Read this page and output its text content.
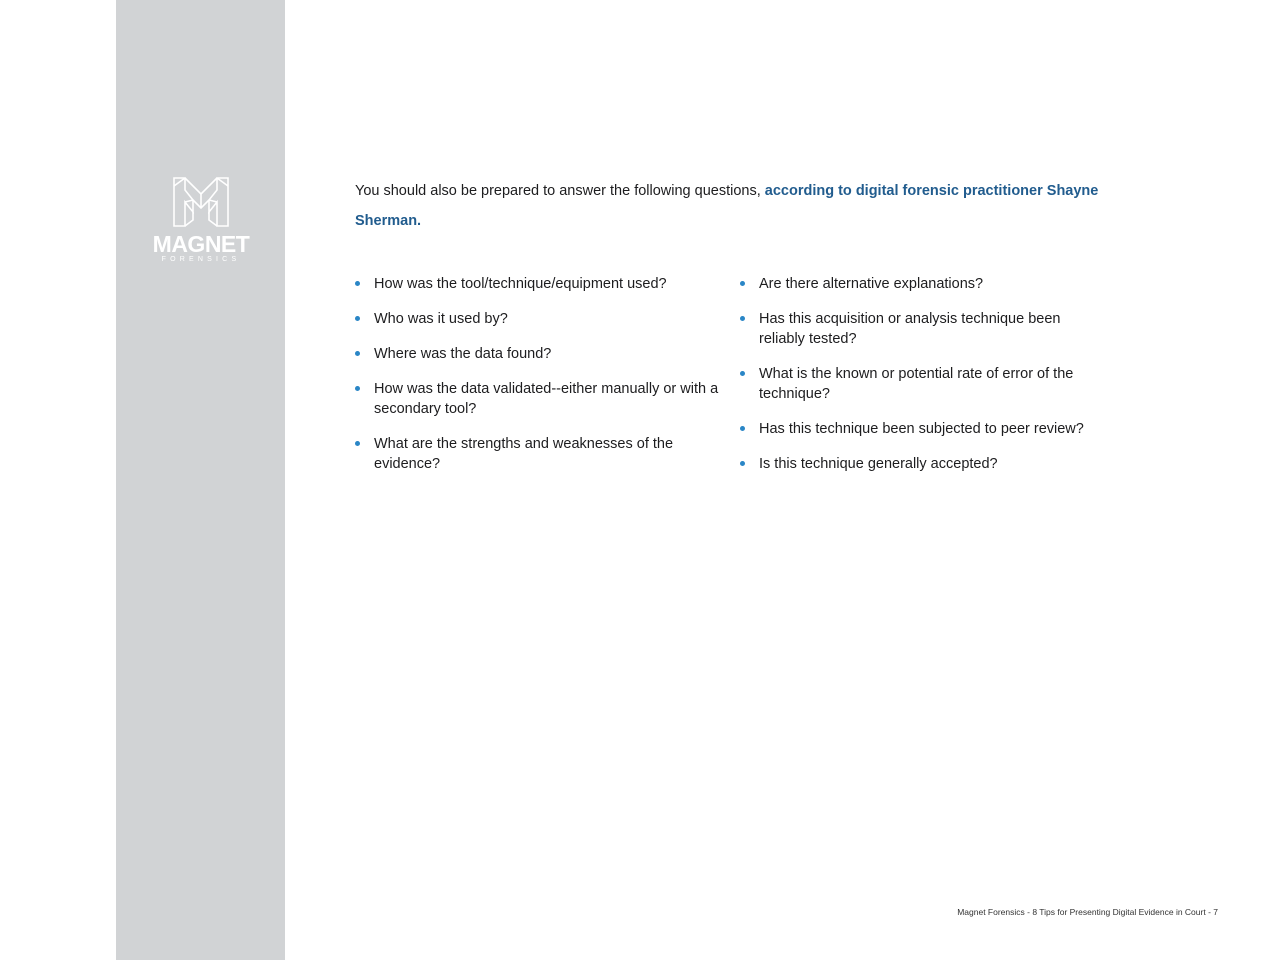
MAGNET
FORENSICS

You should also be prepared to answer the following questions, according to digital forensic practitioner Shayne Sherman.

How was the tool/technique/equipment used?
Who was it used by?
Where was the data found?
How was the data validated--either manually or with a secondary tool?
What are the strengths and weaknesses of the evidence?
Are there alternative explanations?
Has this acquisition or analysis technique been reliably tested?
What is the known or potential rate of error of the technique?
Has this technique been subjected to peer review?
Is this technique generally accepted?
Magnet Forensics - 8 Tips for Presenting Digital Evidence in Court - 7
